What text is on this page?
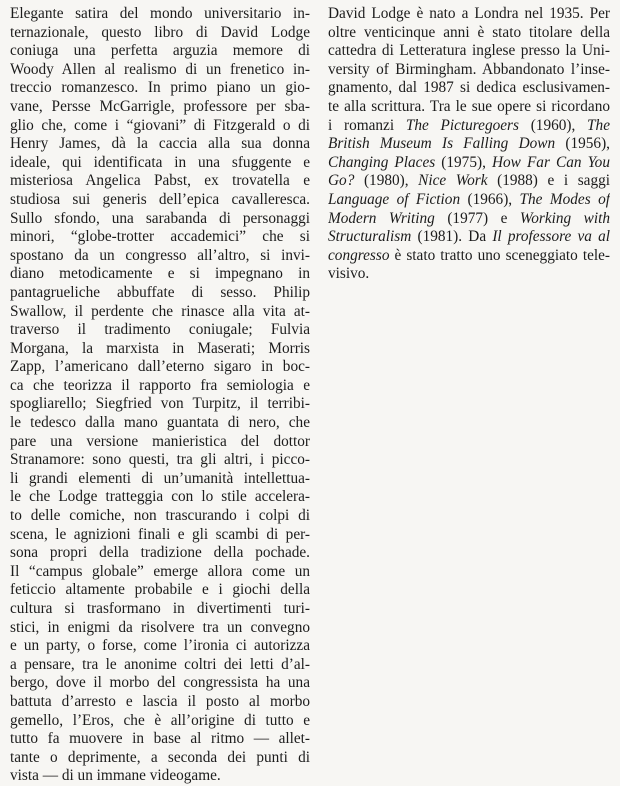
Elegante satira del mondo universitario in-
ternazionale, questo libro di David Lodge
coniuga una perfetta arguzia memore di
Woody Allen al realismo di un frenetico in-
treccio romanzesco. In primo piano un gio-
vane, Persse McGarrigle, professore per sba-
glio che, come i “giovani” di Fitzgerald o di
Henry James, dà la caccia alla sua donna
ideale, qui identificata in una sfuggente e
misteriosa Angelica Pabst, ex trovatella e
studiosa sui generis dell’epica cavalleresca.
Sullo sfondo, una sarabanda di personaggi
minori, “globe-trotter accademici” che si
spostano da un congresso all’altro, si invi-
diano metodicamente e si impegnano in
pantagrueliche abbuffate di sesso. Philip
Swallow, il perdente che rinasce alla vita at-
traverso il tradimento coniugale; Fulvia
Morgana, la marxista in Maserati; Morris
Zapp, l’americano dall’eterno sigaro in boc-
ca che teorizza il rapporto fra semiologia e
spogliarello; Siegfried von Turpitz, il terribi-
le tedesco dalla mano guantata di nero, che
pare una versione manieristica del dottor
Stranamore: sono questi, tra gli altri, i picco-
li grandi elementi di un’umanità intellettua-
le che Lodge tratteggia con lo stile accelera-
to delle comiche, non trascurando i colpi di
scena, le agnizioni finali e gli scambi di per-
sona propri della tradizione della pochade.
Il “campus globale” emerge allora come un
feticcio altamente probabile e i giochi della
cultura si trasformano in divertimenti turi-
stici, in enigmi da risolvere tra un convegno
e un party, o forse, come l’ironia ci autorizza
a pensare, tra le anonime coltri dei letti d’al-
bergo, dove il morbo del congressista ha una
battuta d’arresto e lascia il posto al morbo
gemello, l’Eros, che è all’origine di tutto e
tutto fa muovere in base al ritmo — allet-
tante o deprimente, a seconda dei punti di
vista — di un immane videogame.
David Lodge è nato a Londra nel 1935. Per
oltre venticinque anni è stato titolare della
cattedra di Letteratura inglese presso la Uni-
versity of Birmingham. Abbandonato l’inse-
gnamento, dal 1987 si dedica esclusivamen-
te alla scrittura. Tra le sue opere si ricordano
i romanzi The Picturegoers (1960), The
British Museum Is Falling Down (1956),
Changing Places (1975), How Far Can You
Go? (1980), Nice Work (1988) e i saggi
Language of Fiction (1966), The Modes of
Modern Writing (1977) e Working with
Structuralism (1981). Da Il professore va al
congresso è stato tratto uno sceneggiato tele-
visivo.
